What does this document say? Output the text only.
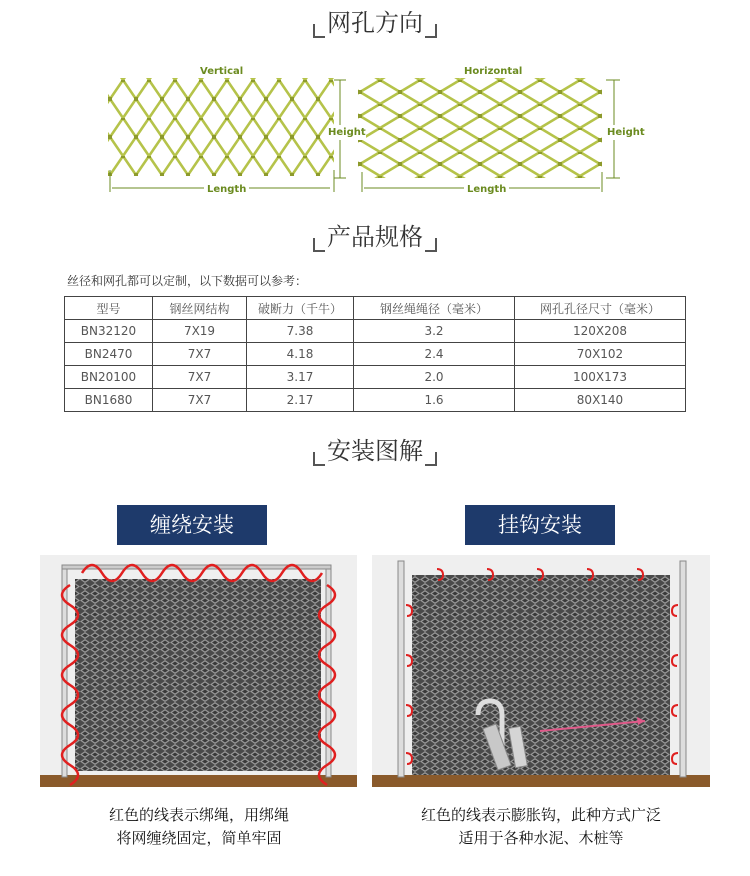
网孔方向
Vertical
Length
Height
Horizontal
Length
Height
产品规格
丝径和网孔都可以定制，以下数据可以参考：
型号	钢丝网结构	破断力（千牛）	钢丝绳绳径（毫米）	网孔孔径尺寸（毫米）
BN32120	7X19	7.38	3.2	120X208
BN2470	7X7	4.18	2.4	70X102
BN20100	7X7	3.17	2.0	100X173
BN1680	7X7	2.17	1.6	80X140
安装图解
缠绕安装	挂钩安装
红色的线表示绑绳，用绑绳
将网缠绕固定，简单牢固
红色的线表示膨胀钩，此种方式广泛
适用于各种水泥、木桩等
